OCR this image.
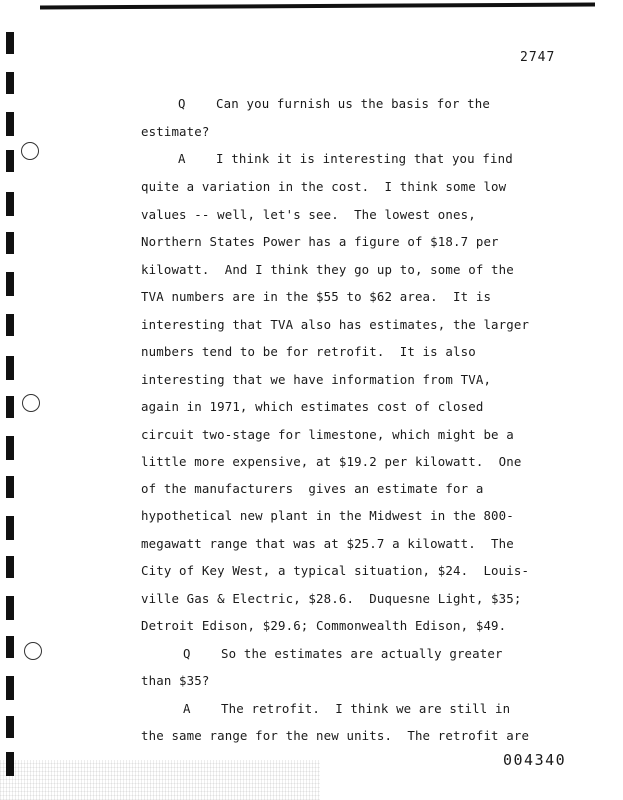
2747
Q    Can you furnish us the basis for the
estimate?
A    I think it is interesting that you find
quite a variation in the cost.  I think some low
values -- well, let's see.  The lowest ones,
Northern States Power has a figure of $18.7 per
kilowatt.  And I think they go up to, some of the
TVA numbers are in the $55 to $62 area.  It is
interesting that TVA also has estimates, the larger
numbers tend to be for retrofit.  It is also
interesting that we have information from TVA,
again in 1971, which estimates cost of closed
circuit two-stage for limestone, which might be a
little more expensive, at $19.2 per kilowatt.  One
of the manufacturers  gives an estimate for a
hypothetical new plant in the Midwest in the 800-
megawatt range that was at $25.7 a kilowatt.  The
City of Key West, a typical situation, $24.  Louis-
ville Gas & Electric, $28.6.  Duquesne Light, $35;
Detroit Edison, $29.6; Commonwealth Edison, $49.
Q    So the estimates are actually greater
than $35?
A    The retrofit.  I think we are still in
the same range for the new units.  The retrofit are
004340
